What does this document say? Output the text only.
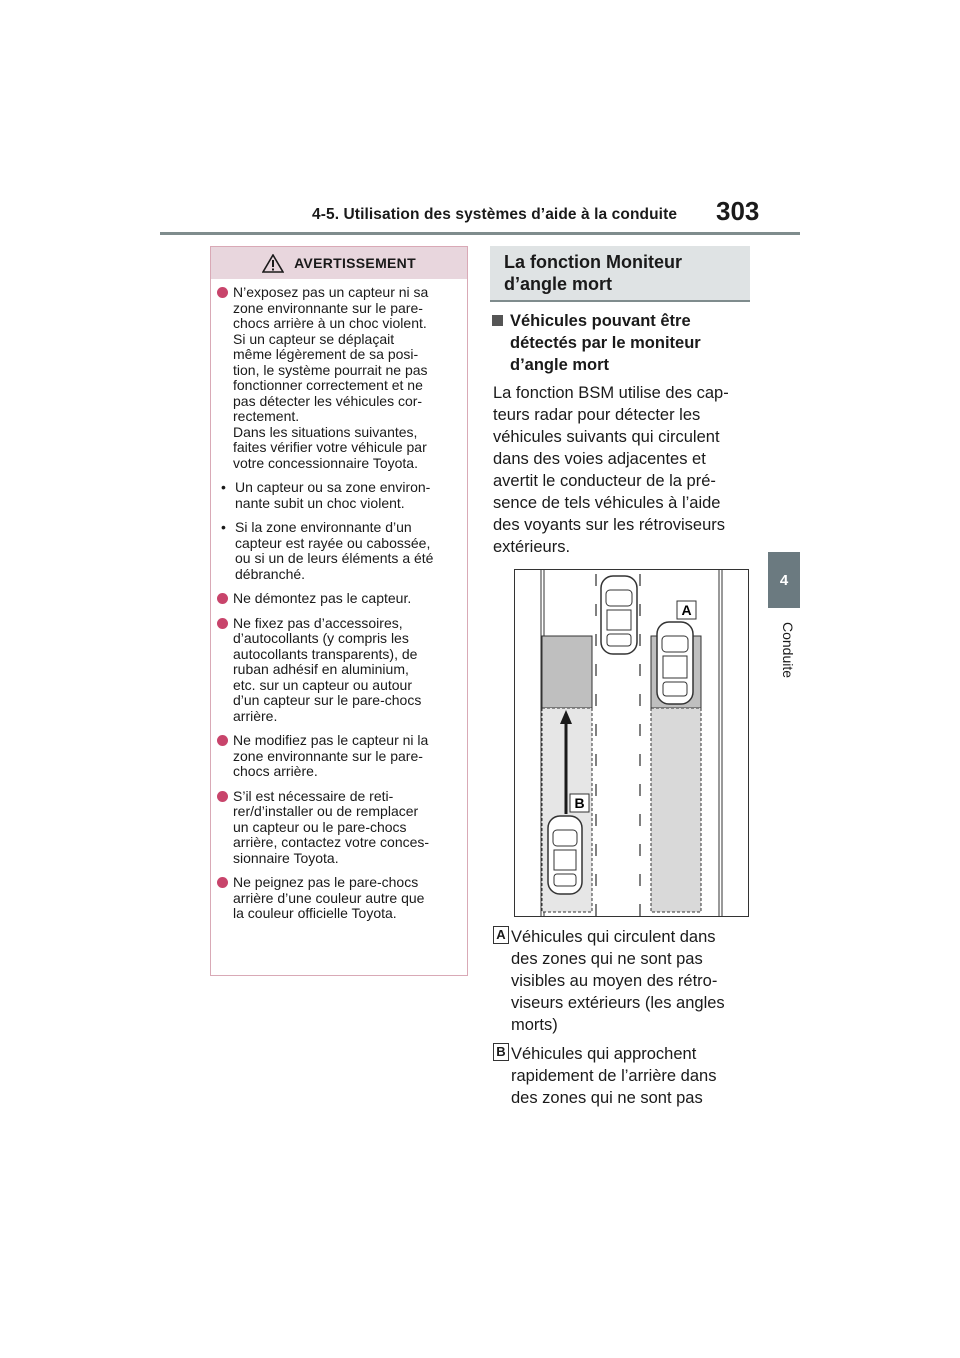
4-5. Utilisation des systèmes d’aide à la conduite 303
4
Conduite
AVERTISSEMENT
N’exposez pas un capteur ni sa
zone environnante sur le pare-
chocs arrière à un choc violent.
Si un capteur se déplaçait
même légèrement de sa posi-
tion, le système pourrait ne pas
fonctionner correctement et ne
pas détecter les véhicules cor-
rectement.
Dans les situations suivantes,
faites vérifier votre véhicule par
votre concessionnaire Toyota.
• Un capteur ou sa zone environ-
nante subit un choc violent.
• Si la zone environnante d’un
capteur est rayée ou cabossée,
ou si un de leurs éléments a été
débranché.
Ne démontez pas le capteur.
Ne fixez pas d’accessoires,
d’autocollants (y compris les
autocollants transparents), de
ruban adhésif en aluminium,
etc. sur un capteur ou autour
d’un capteur sur le pare-chocs
arrière.
Ne modifiez pas le capteur ni la
zone environnante sur le pare-
chocs arrière.
S’il est nécessaire de reti-
rer/d’installer ou de remplacer
un capteur ou le pare-chocs
arrière, contactez votre conces-
sionnaire Toyota.
Ne peignez pas le pare-chocs
arrière d’une couleur autre que
la couleur officielle Toyota.
La fonction Moniteur
d’angle mort
Véhicules pouvant être
détectés par le moniteur
d’angle mort
La fonction BSM utilise des cap-
teurs radar pour détecter les
véhicules suivants qui circulent
dans des voies adjacentes et
avertit le conducteur de la pré-
sence de tels véhicules à l’aide
des voyants sur les rétroviseurs
extérieurs.
A
B
A Véhicules qui circulent dans
des zones qui ne sont pas
visibles au moyen des rétro-
viseurs extérieurs (les angles
morts)
B Véhicules qui approchent
rapidement de l’arrière dans
des zones qui ne sont pas
